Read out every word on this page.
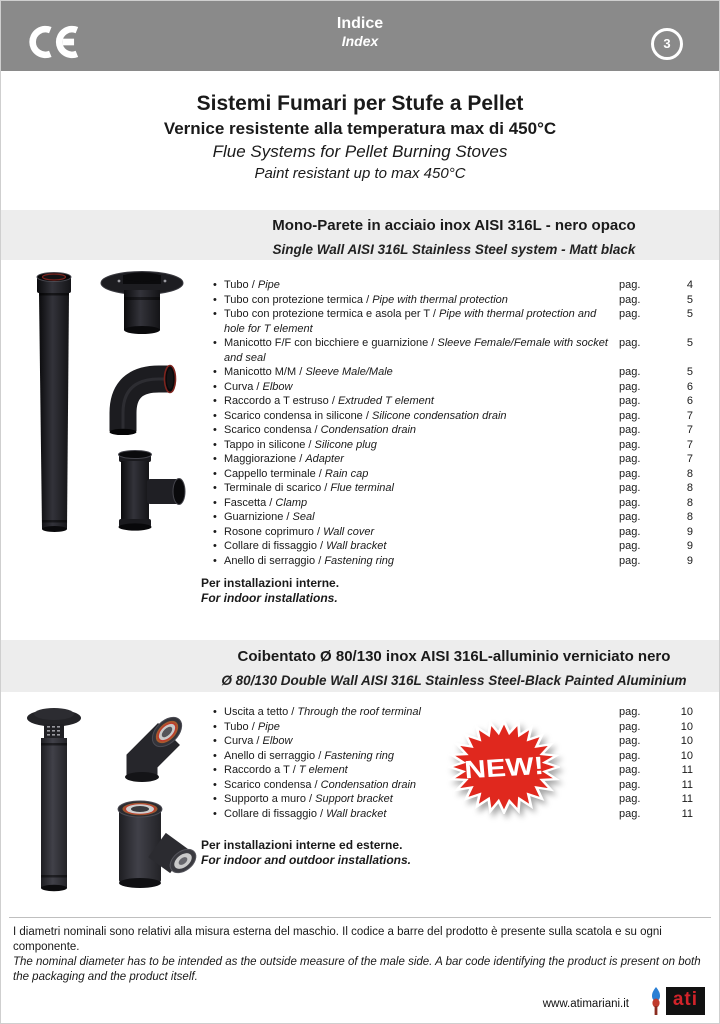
Indice
Index	3
Sistemi Fumari per Stufe a Pellet
Vernice resistente alla temperatura max di 450°C
Flue Systems for Pellet Burning Stoves
Paint resistant up to max 450°C
Mono-Parete in acciaio inox AISI 316L - nero opaco
Single Wall AISI 316L Stainless Steel system - Matt black
• Tubo / Pipe	pag.	4
• Tubo con protezione termica / Pipe with thermal protection	pag.	5
• Tubo con protezione termica e asola per T / Pipe with thermal protection and hole for T element
pag.	5
• Manicotto F/F con bicchiere e guarnizione / Sleeve Female/Female with socket and seal
pag.	5
• Manicotto M/M / Sleeve Male/Male	pag.	5
• Curva / Elbow	pag.	6
• Raccordo a T estruso / Extruded T element	pag.	6
• Scarico condensa in silicone / Silicone condensation drain	pag.	7
• Scarico condensa / Condensation drain	pag.	7
• Tappo in silicone / Silicone plug	pag.	7
• Maggiorazione / Adapter	pag.	7
• Cappello terminale / Rain cap	pag.	8
• Terminale di scarico / Flue terminal	pag.	8
• Fascetta / Clamp	pag.	8
• Guarnizione / Seal	pag.	8
• Rosone coprimuro / Wall cover	pag.	9
• Collare di fissaggio / Wall bracket	pag.	9
• Anello di serraggio / Fastening ring	pag.	9
Per installazioni interne.
For indoor installations.
Coibentato Ø 80/130 inox AISI 316L-alluminio verniciato nero
Ø 80/130 Double Wall AISI 316L Stainless Steel-Black Painted Aluminium
• Uscita a tetto / Through the roof terminal	pag.	10
• Tubo / Pipe	pag.	10
• Curva / Elbow	pag.	10
• Anello di serraggio / Fastening ring	pag.	10
• Raccordo a T / T element	pag.	11
• Scarico condensa / Condensation drain	pag.	11
• Supporto a muro / Support bracket	pag.	11
• Collare di fissaggio / Wall bracket	pag.	11
NEW!
Per installazioni interne ed esterne.
For indoor and outdoor installations.
I diametri nominali sono relativi alla misura esterna del maschio. Il codice a barre del prodotto è presente sulla scatola e su ogni componente.
The nominal diameter has to be intended as the outside measure of the male side. A bar code identifying the product is present on both the packaging and the product itself.
www.atimariani.it	ati
